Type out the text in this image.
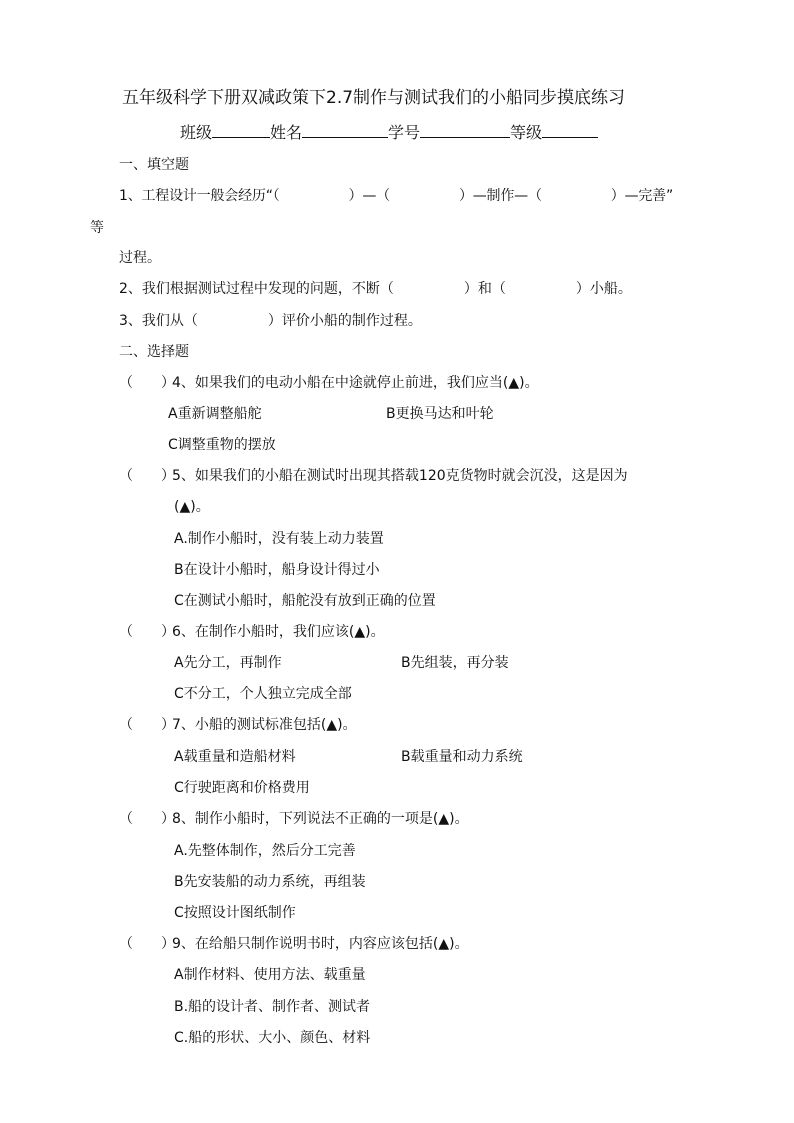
五年级科学下册双减政策下2.7制作与测试我们的小船同步摸底练习
班级	姓名	学号	等级
一、填空题
1、工程设计一般会经历“（　　　　　）—（　　　　　）—制作—（　　　　　）—完善”
等
过程。
2、我们根据测试过程中发现的问题，不断（　　　　　）和（　　　　　）小船。
3、我们从（　　　　　）评价小船的制作过程。
二、选择题
（　　）
4、如果我们的电动小船在中途就停止前进，我们应当(▲)。
A重新调整船舵	B更换马达和叶轮
C调整重物的摆放
（　　）
5、如果我们的小船在测试时出现其搭载120克货物时就会沉没，这是因为
(▲)。
A.制作小船时，没有装上动力装置
B在设计小船时，船身设计得过小
C在测试小船时，船舵没有放到正确的位置
（　　）
6、在制作小船时，我们应该(▲)。
A先分工，再制作	B先组装，再分装
C不分工，个人独立完成全部
（　　）
7、小船的测试标准包括(▲)。
A载重量和造船材料	B载重量和动力系统
C行驶距离和价格费用
（　　）
8、制作小船时，下列说法不正确的一项是(▲)。
A.先整体制作，然后分工完善
B先安装船的动力系统，再组装
C按照设计图纸制作
（　　）
9、在给船只制作说明书时，内容应该包括(▲)。
A制作材料、使用方法、载重量
B.船的设计者、制作者、测试者
C.船的形状、大小、颜色、材料
